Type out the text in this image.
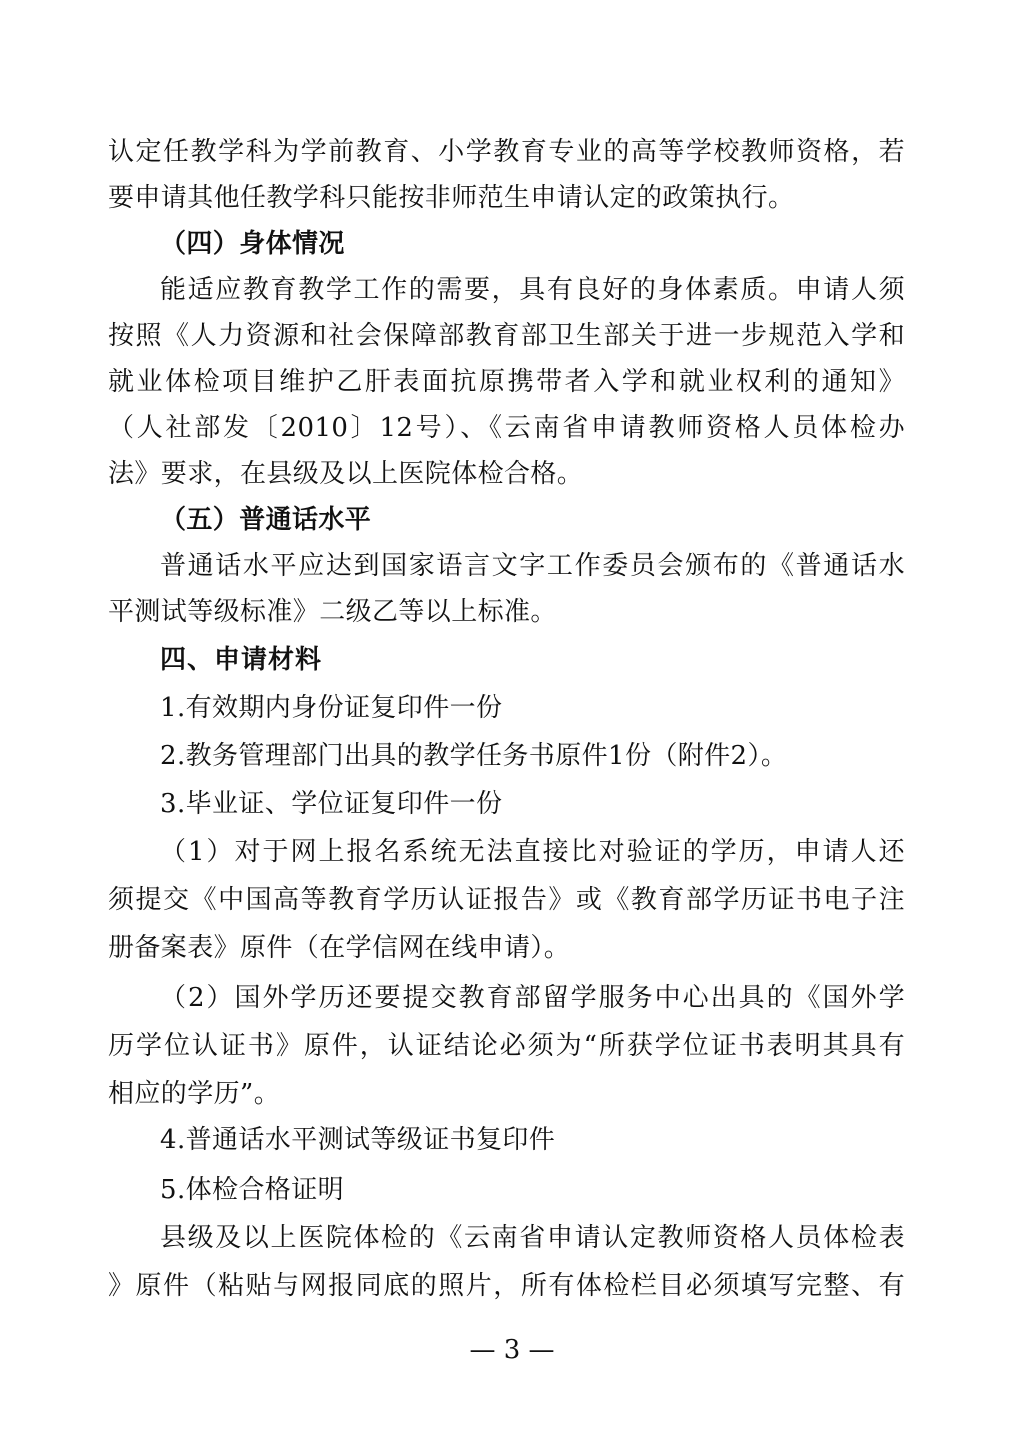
认定任教学科为学前教育、小学教育专业的高等学校教师资格，若
要申请其他任教学科只能按非师范生申请认定的政策执行。
（四）身体情况
能适应教育教学工作的需要，具有良好的身体素质。申请人须
按照《人力资源和社会保障部教育部卫生部关于进一步规范入学和
就业体检项目维护乙肝表面抗原携带者入学和就业权利的通知》
（人社部发〔2010〕12号）、《云南省申请教师资格人员体检办
法》要求，在县级及以上医院体检合格。
（五）普通话水平
普通话水平应达到国家语言文字工作委员会颁布的《普通话水
平测试等级标准》二级乙等以上标准。
四、申请材料
1.有效期内身份证复印件一份
2.教务管理部门出具的教学任务书原件1份（附件2）。
3.毕业证、学位证复印件一份
（1）对于网上报名系统无法直接比对验证的学历，申请人还
须提交《中国高等教育学历认证报告》或《教育部学历证书电子注
册备案表》原件（在学信网在线申请）。
（2）国外学历还要提交教育部留学服务中心出具的《国外学
历学位认证书》原件，认证结论必须为“所获学位证书表明其具有
相应的学历”。
4.普通话水平测试等级证书复印件
5.体检合格证明
县级及以上医院体检的《云南省申请认定教师资格人员体检表
》原件（粘贴与网报同底的照片，所有体检栏目必须填写完整、有
— 3 —
